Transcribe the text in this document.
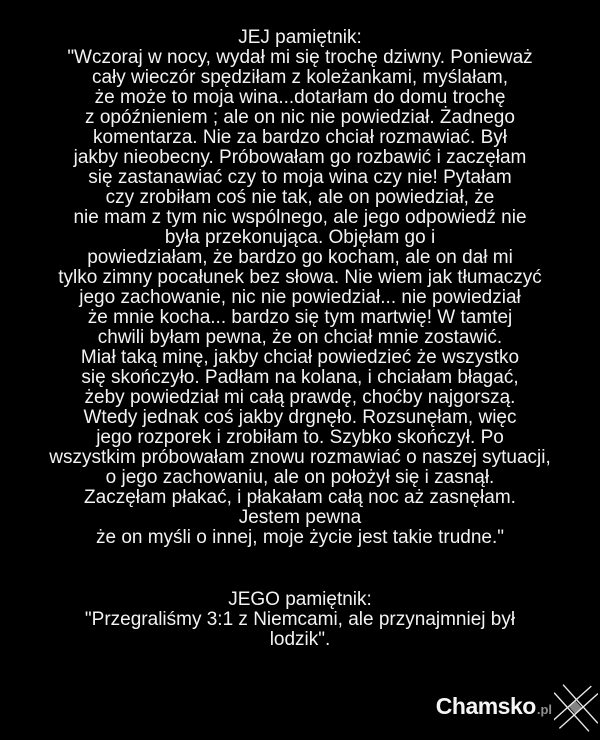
JEJ pamiętnik:
"Wczoraj w nocy, wydał mi się trochę dziwny. Ponieważ
cały wieczór spędziłam z koleżankami, myślałam,
że może to moja wina...dotarłam do domu trochę
z opóźnieniem ; ale on nic nie powiedział. Żadnego
komentarza. Nie za bardzo chciał rozmawiać. Był
jakby nieobecny. Próbowałam go rozbawić i zaczęłam
się zastanawiać czy to moja wina czy nie! Pytałam
czy zrobiłam coś nie tak, ale on powiedział, że
nie mam z tym nic wspólnego, ale jego odpowiedź nie
była przekonująca. Objęłam go i
powiedziałam, że bardzo go kocham, ale on dał mi
tylko zimny pocałunek bez słowa. Nie wiem jak tłumaczyć
jego zachowanie, nic nie powiedział... nie powiedział
że mnie kocha... bardzo się tym martwię! W tamtej
chwili byłam pewna, że on chciał mnie zostawić.
Miał taką minę, jakby chciał powiedzieć że wszystko
się skończyło. Padłam na kolana, i chciałam błagać,
żeby powiedział mi całą prawdę, choćby najgorszą.
Wtedy jednak coś jakby drgnęło. Rozsunęłam, więc
jego rozporek i zrobiłam to. Szybko skończył. Po
wszystkim próbowałam znowu rozmawiać o naszej sytuacji,
o jego zachowaniu, ale on położył się i zasnął.
Zaczęłam płakać, i płakałam całą noc aż zasnęłam.
Jestem pewna
że on myśli o innej, moje życie jest takie trudne."
JEGO pamiętnik:
"Przegraliśmy 3:1 z Niemcami, ale przynajmniej był
lodzik".
Chamsko .pl
